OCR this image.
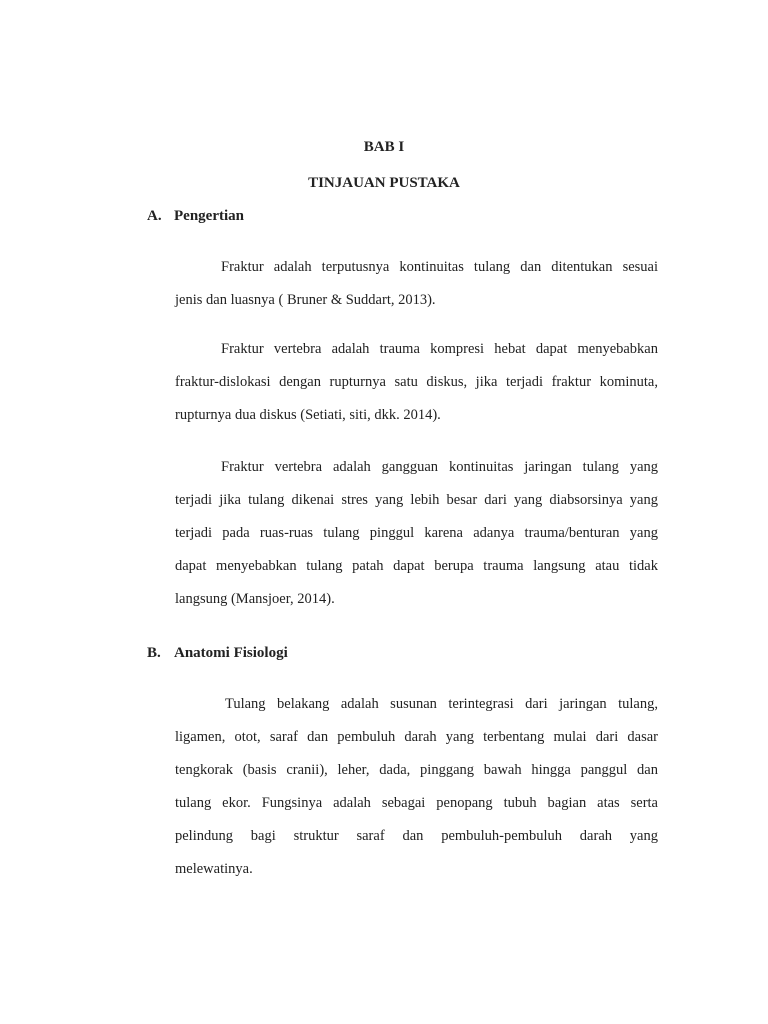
BAB I
TINJAUAN PUSTAKA
A. Pengertian
Fraktur adalah terputusnya kontinuitas tulang dan ditentukan sesuai
jenis dan luasnya ( Bruner & Suddart, 2013).
Fraktur vertebra adalah trauma kompresi hebat dapat menyebabkan
fraktur-dislokasi dengan rupturnya satu diskus, jika terjadi fraktur kominuta,
rupturnya dua diskus (Setiati, siti, dkk. 2014).
Fraktur vertebra adalah gangguan kontinuitas jaringan tulang yang
terjadi jika tulang dikenai stres yang lebih besar dari yang diabsorsinya yang
terjadi pada ruas-ruas tulang pinggul karena adanya trauma/benturan yang
dapat menyebabkan tulang patah dapat berupa trauma langsung atau tidak
langsung (Mansjoer, 2014).
B. Anatomi Fisiologi
Tulang belakang adalah susunan terintegrasi dari jaringan tulang,
ligamen, otot, saraf dan pembuluh darah yang terbentang mulai dari dasar
tengkorak (basis cranii), leher, dada, pinggang bawah hingga panggul dan
tulang ekor. Fungsinya adalah sebagai penopang tubuh bagian atas serta
pelindung bagi struktur saraf dan pembuluh-pembuluh darah yang
melewatinya.
